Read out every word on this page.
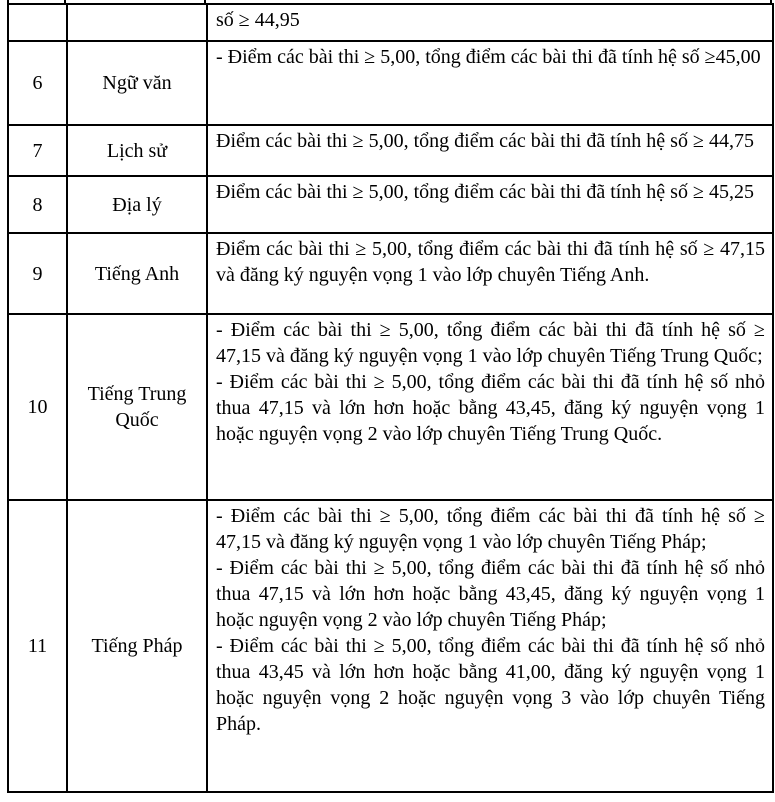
		số ≥ 44,95

6	Ngữ văn	- Điểm các bài thi ≥ 5,00, tổng điểm các bài thi đã tính hệ số ≥45,00

7	Lịch sử	Điểm các bài thi ≥ 5,00, tổng điểm các bài thi đã tính hệ số ≥ 44,75

8	Địa lý	Điểm các bài thi ≥ 5,00, tổng điểm các bài thi đã tính hệ số ≥ 45,25

9	Tiếng Anh	Điểm các bài thi ≥ 5,00, tổng điểm các bài thi đã tính hệ số ≥ 47,15 và đăng ký nguyện vọng 1 vào lớp chuyên Tiếng Anh.

10	Tiếng Trung Quốc	- Điểm các bài thi ≥ 5,00, tổng điểm các bài thi đã tính hệ số ≥ 47,15 và đăng ký nguyện vọng 1 vào lớp chuyên Tiếng Trung Quốc;

- Điểm các bài thi ≥ 5,00, tổng điểm các bài thi đã tính hệ số nhỏ thua 47,15 và lớn hơn hoặc bằng 43,45, đăng ký nguyện vọng 1 hoặc nguyện vọng 2 vào lớp chuyên Tiếng Trung Quốc.

11	Tiếng Pháp	- Điểm các bài thi ≥ 5,00, tổng điểm các bài thi đã tính hệ số ≥ 47,15 và đăng ký nguyện vọng 1 vào lớp chuyên Tiếng Pháp;

- Điểm các bài thi ≥ 5,00, tổng điểm các bài thi đã tính hệ số nhỏ thua 47,15 và lớn hơn hoặc bằng 43,45, đăng ký nguyện vọng 1 hoặc nguyện vọng 2 vào lớp chuyên Tiếng Pháp;

- Điểm các bài thi ≥ 5,00, tổng điểm các bài thi đã tính hệ số nhỏ thua 43,45 và lớn hơn hoặc bằng 41,00, đăng ký nguyện vọng 1 hoặc nguyện vọng 2 hoặc nguyện vọng 3 vào lớp chuyên Tiếng Pháp.
